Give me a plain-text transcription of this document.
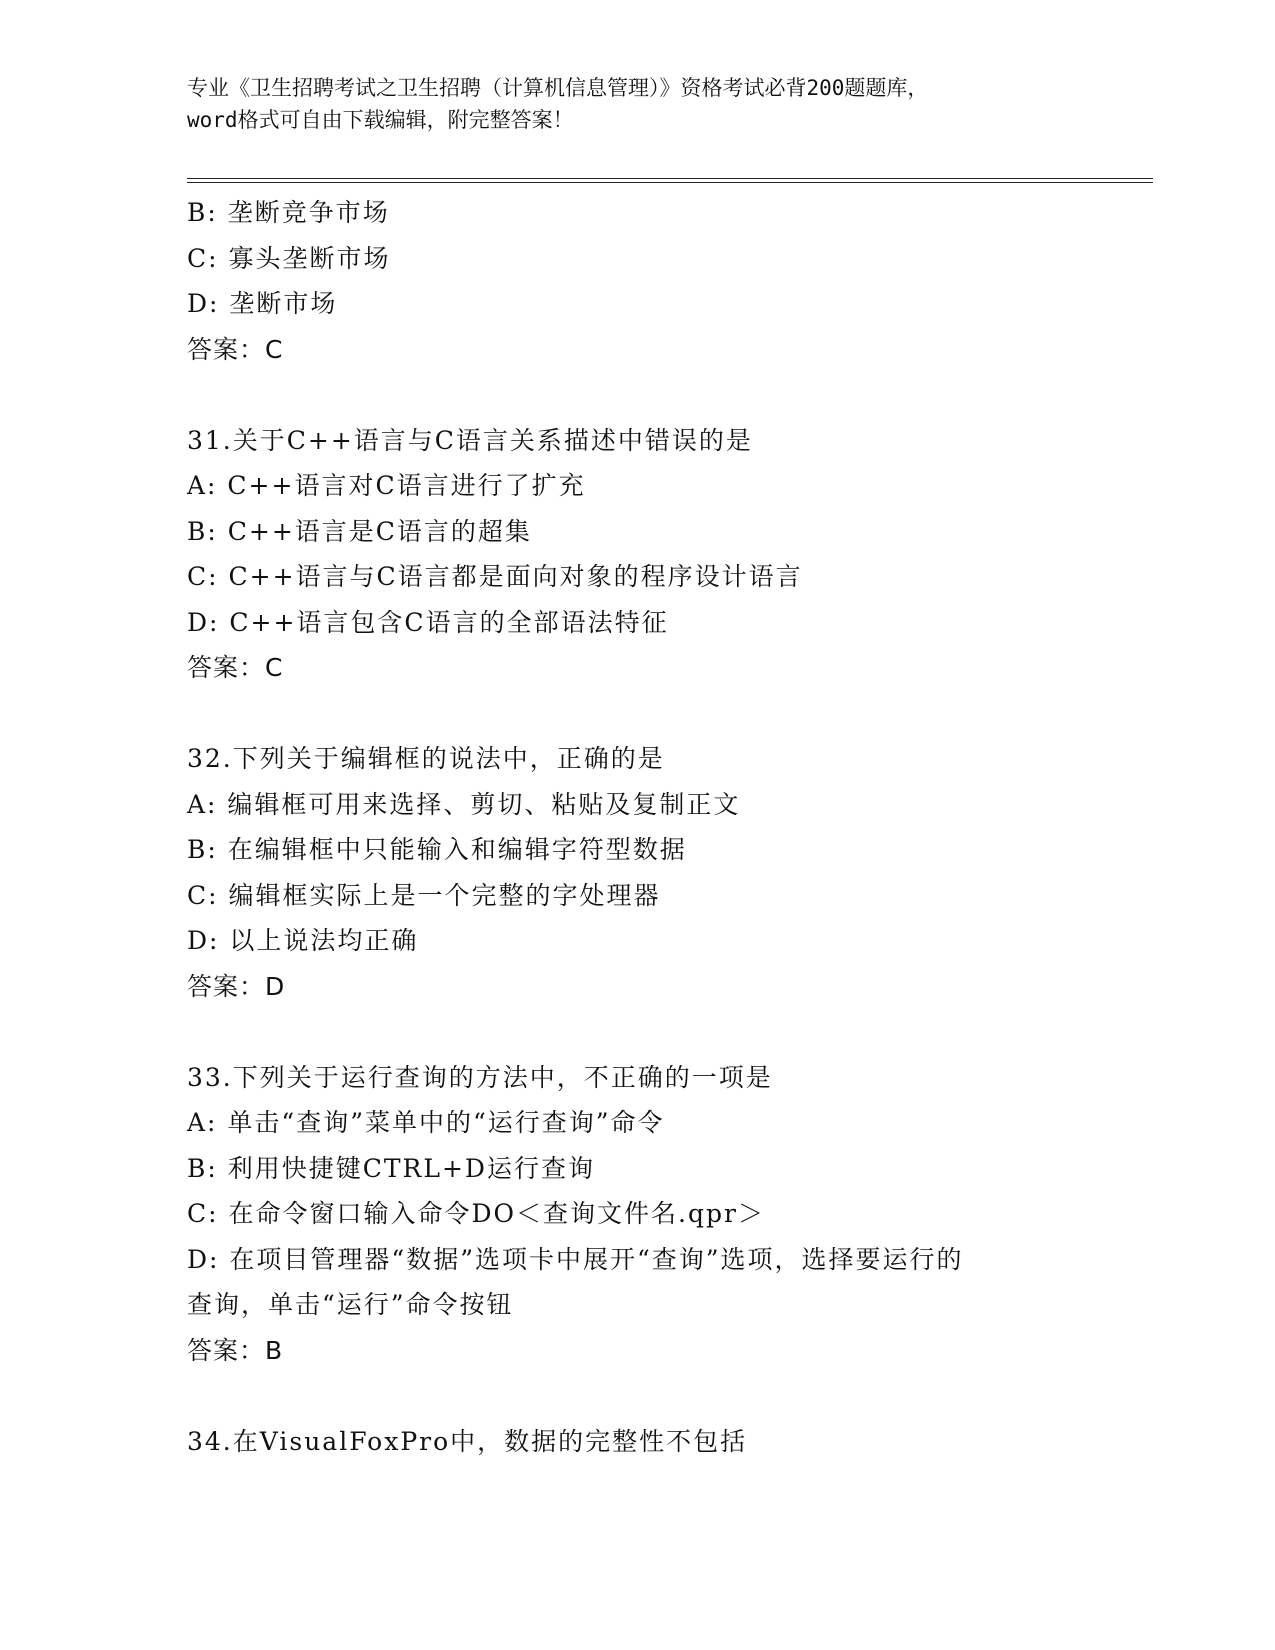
专业《卫生招聘考试之卫生招聘（计算机信息管理）》资格考试必背200题题库，
word格式可自由下载编辑，附完整答案！
B: 垄断竞争市场
C: 寡头垄断市场
D: 垄断市场
答案：C
31.关于C++语言与C语言关系描述中错误的是
A: C++语言对C语言进行了扩充
B: C++语言是C语言的超集
C: C++语言与C语言都是面向对象的程序设计语言
D: C++语言包含C语言的全部语法特征
答案：C
32.下列关于编辑框的说法中，正确的是
A: 编辑框可用来选择、剪切、粘贴及复制正文
B: 在编辑框中只能输入和编辑字符型数据
C: 编辑框实际上是一个完整的字处理器
D: 以上说法均正确
答案：D
33.下列关于运行查询的方法中，不正确的一项是
A: 单击“查询”菜单中的“运行查询”命令
B: 利用快捷键CTRL+D运行查询
C: 在命令窗口输入命令DO＜查询文件名.qpr＞
D: 在项目管理器“数据”选项卡中展开“查询”选项，选择要运行的
查询，单击“运行”命令按钮
答案：B
34.在VisualFoxPro中，数据的完整性不包括
